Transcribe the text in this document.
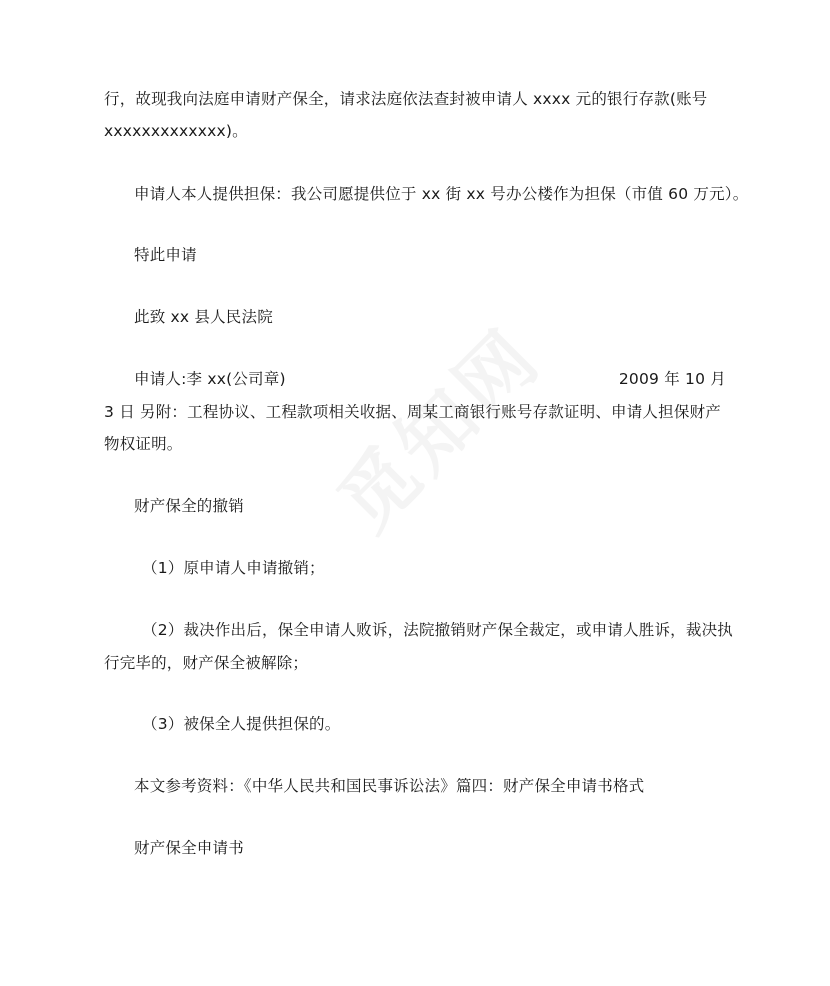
行，故现我向法庭申请财产保全，请求法庭依法查封被申请人 xxxx 元的银行存款(账号
xxxxxxxxxxxxx)。
申请人本人提供担保：我公司愿提供位于 xx 街 xx 号办公楼作为担保（市值 60 万元）。
特此申请
此致 xx 县人民法院
申请人:李 xx(公司章)	2009 年 10 月
3 日 另附：工程协议、工程款项相关收据、周某工商银行账号存款证明、申请人担保财产
物权证明。
财产保全的撤销
（1）原申请人申请撤销；
（2）裁决作出后，保全申请人败诉，法院撤销财产保全裁定，或申请人胜诉，裁决执
行完毕的，财产保全被解除；
（3）被保全人提供担保的。
本文参考资料：《中华人民共和国民事诉讼法》篇四：财产保全申请书格式
财产保全申请书
